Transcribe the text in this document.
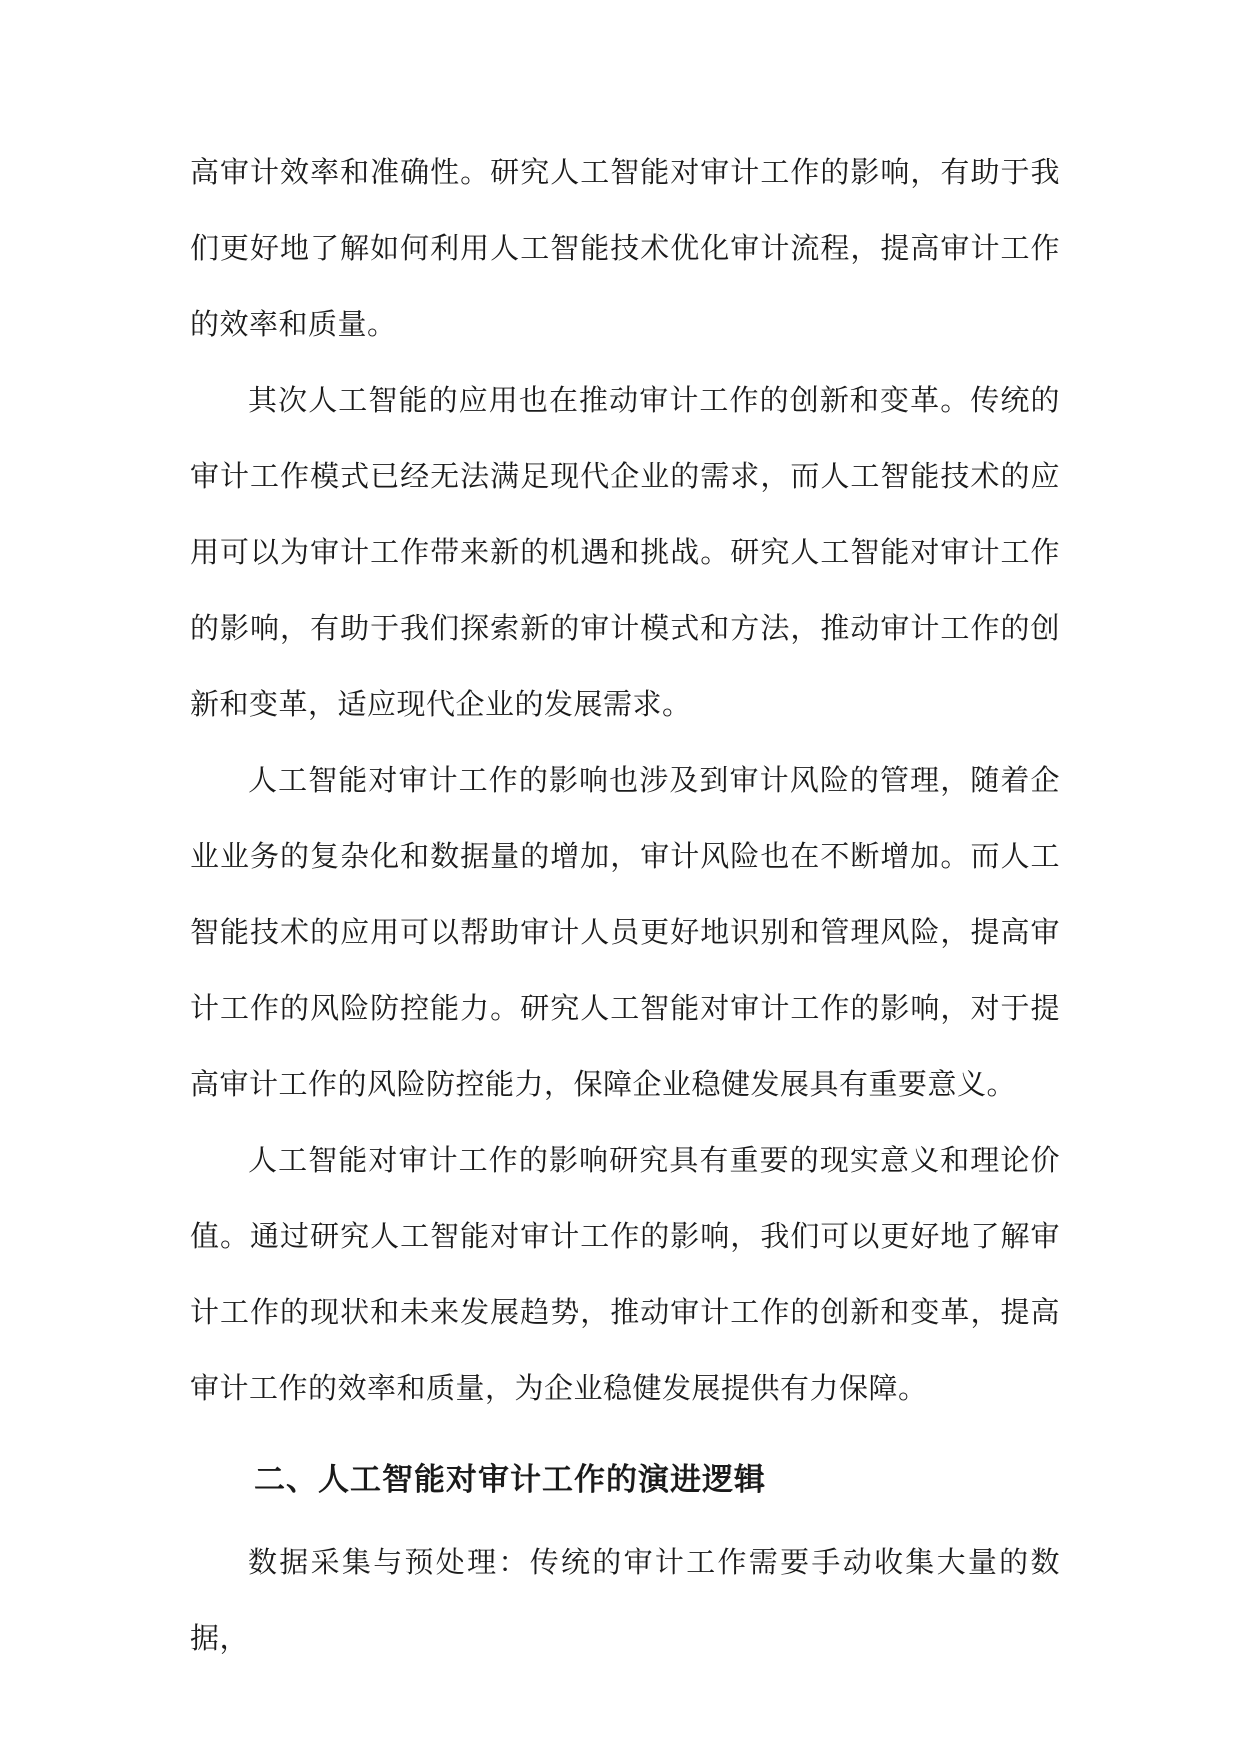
高审计效率和准确性。研究人工智能对审计工作的影响，有助于我们更好地了解如何利用人工智能技术优化审计流程，提高审计工作的效率和质量。

其次人工智能的应用也在推动审计工作的创新和变革。传统的审计工作模式已经无法满足现代企业的需求，而人工智能技术的应用可以为审计工作带来新的机遇和挑战。研究人工智能对审计工作的影响，有助于我们探索新的审计模式和方法，推动审计工作的创新和变革，适应现代企业的发展需求。

人工智能对审计工作的影响也涉及到审计风险的管理，随着企业业务的复杂化和数据量的增加，审计风险也在不断增加。而人工智能技术的应用可以帮助审计人员更好地识别和管理风险，提高审计工作的风险防控能力。研究人工智能对审计工作的影响，对于提高审计工作的风险防控能力，保障企业稳健发展具有重要意义。

人工智能对审计工作的影响研究具有重要的现实意义和理论价值。通过研究人工智能对审计工作的影响，我们可以更好地了解审计工作的现状和未来发展趋势，推动审计工作的创新和变革，提高审计工作的效率和质量，为企业稳健发展提供有力保障。

二、人工智能对审计工作的演进逻辑

数据采集与预处理：传统的审计工作需要手动收集大量的数据，
